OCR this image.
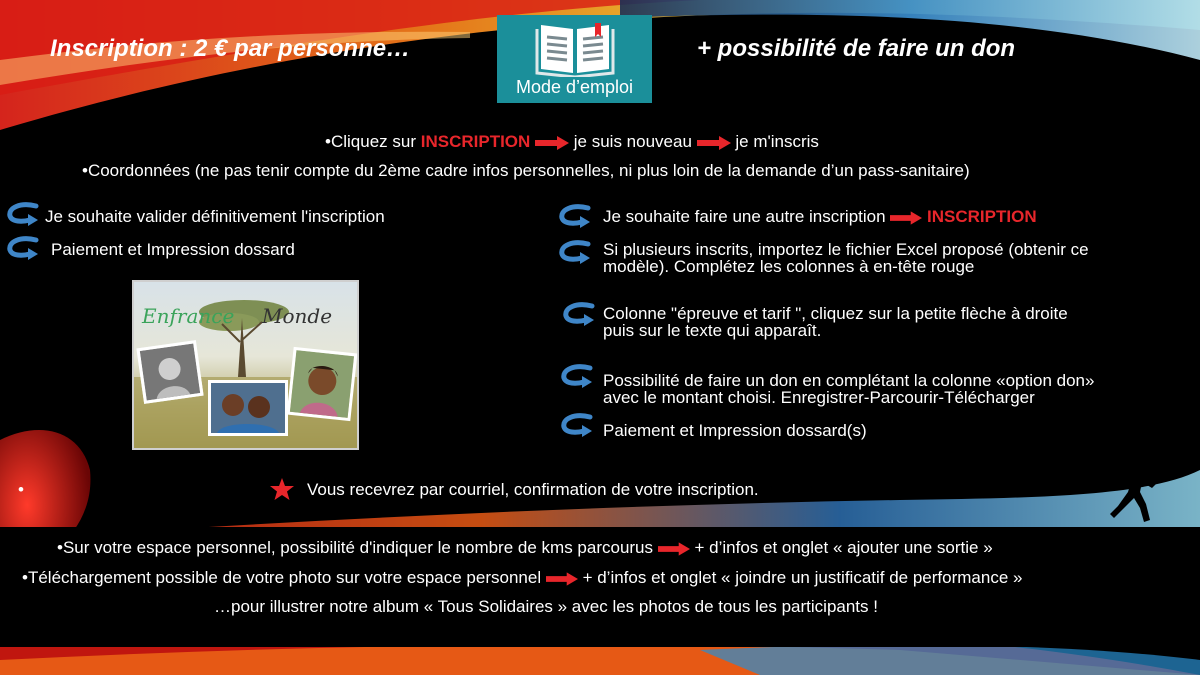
Inscription : 2 € par personne…
Mode d’emploi
+ possibilité de faire un don
•Cliquez sur INSCRIPTION	je suis nouveau	je m'inscris
•Coordonnées (ne pas tenir compte du 2ème cadre infos personnelles, ni plus loin de la demande d’un pass-sanitaire)
Je souhaite valider définitivement l'inscription
Paiement et Impression dossard
Enfrance Monde
Je souhaite faire une autre inscription INSCRIPTION
Si plusieurs inscrits, importez le fichier Excel proposé (obtenir ce
modèle). Complétez les colonnes à en-tête rouge
Colonne "épreuve et tarif ", cliquez sur la petite flèche à droite
puis sur le texte qui apparaît.
Possibilité de faire un don en complétant la colonne «option don»
avec le montant choisi. Enregistrer-Parcourir-Télécharger
Paiement et Impression dossard(s)
•	Vous recevrez par courriel, confirmation de votre inscription.
•Sur votre espace personnel, possibilité d'indiquer le nombre de kms parcourus + d’infos et onglet « ajouter une sortie »
•Téléchargement possible de votre photo sur votre espace personnel + d’infos et onglet « joindre un justificatif de performance »
…pour illustrer notre album « Tous Solidaires » avec les photos de tous les participants !
